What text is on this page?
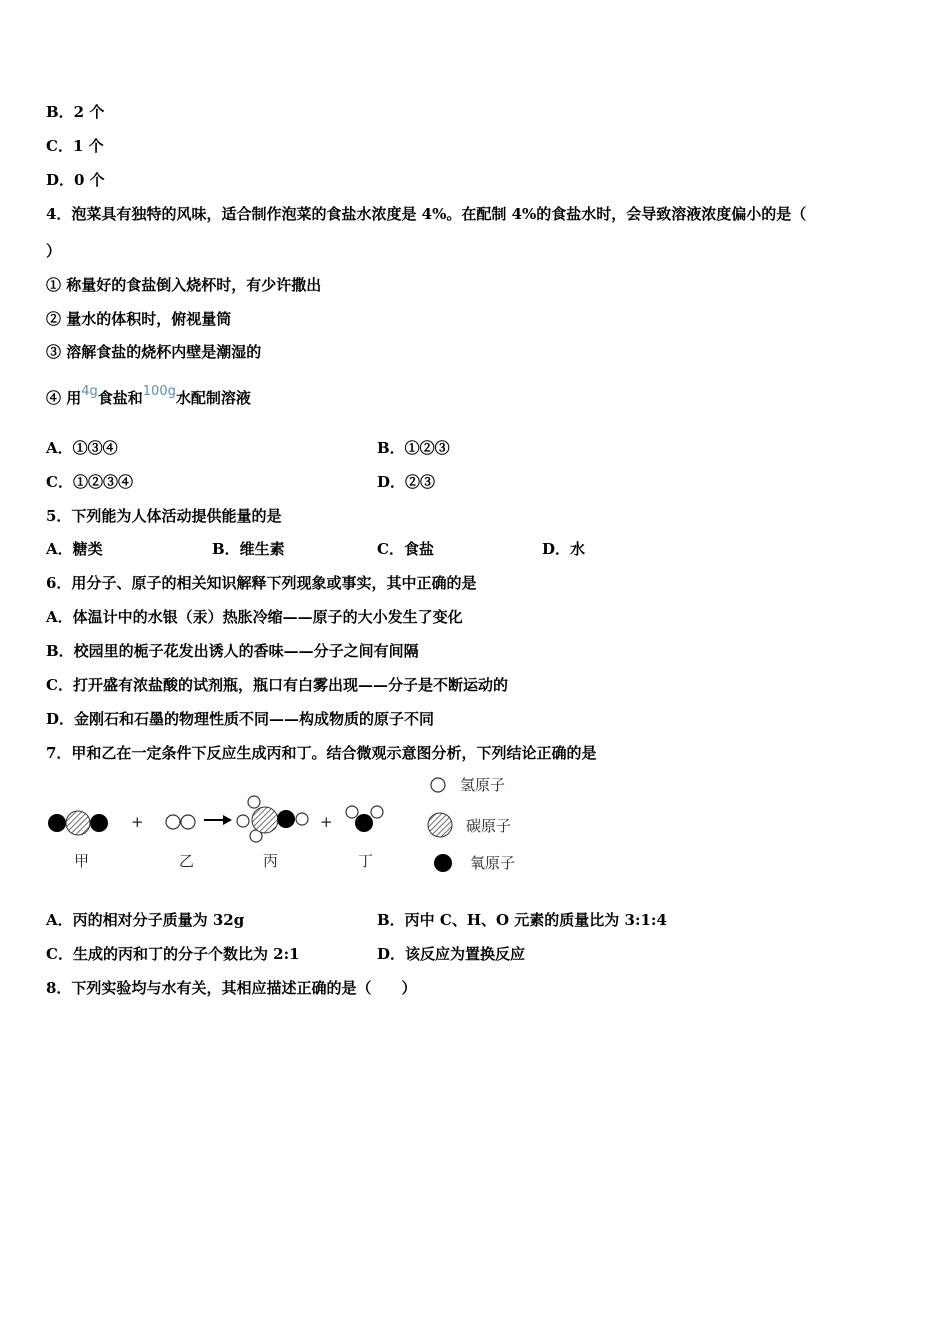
B．2 个
C．1 个
D．0 个
4．泡菜具有独特的风味，适合制作泡菜的食盐水浓度是 4%。在配制 4%的食盐水时，会导致溶液浓度偏小的是（
）
① 称量好的食盐倒入烧杯时，有少许撒出
② 量水的体积时，俯视量筒
③ 溶解食盐的烧杯内壁是潮湿的
④ 用4g食盐和100g水配制溶液
A．①③④	B．①②③
C．①②③④	D．②③
5．下列能为人体活动提供能量的是
A．糖类	B．维生素	C．食盐	D．水
6．用分子、原子的相关知识解释下列现象或事实，其中正确的是
A．体温计中的水银（汞）热胀冷缩——原子的大小发生了变化
B．校园里的栀子花发出诱人的香味——分子之间有间隔
C．打开盛有浓盐酸的试剂瓶，瓶口有白雾出现——分子是不断运动的
D．金刚石和石墨的物理性质不同——构成物质的原子不同
7．甲和乙在一定条件下反应生成丙和丁。结合微观示意图分析，下列结论正确的是
+	+
甲	乙	丙	丁
氢原子
碳原子
氧原子
A．丙的相对分子质量为 32g	B．丙中 C、H、O 元素的质量比为 3:1:4
C．生成的丙和丁的分子个数比为 2:1	D．该反应为置换反应
8．下列实验均与水有关，其相应描述正确的是（　　）
